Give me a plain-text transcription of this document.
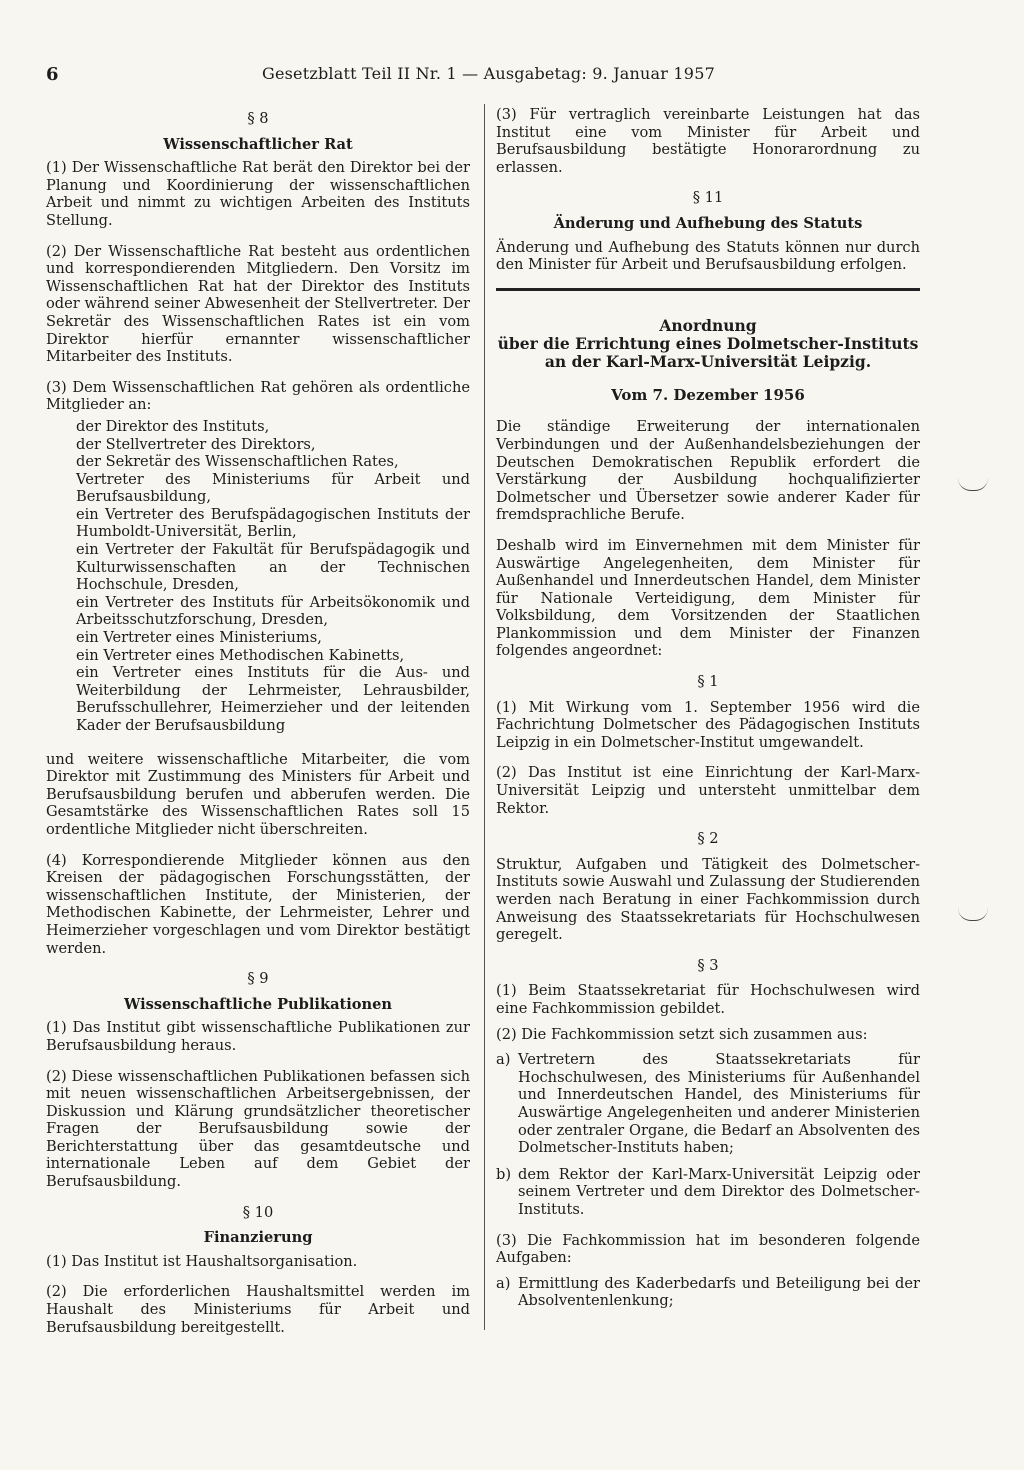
6	Gesetzblatt Teil II Nr. 1 — Ausgabetag: 9. Januar 1957
§ 8
Wissenschaftlicher Rat

(1) Der Wissenschaftliche Rat berät den Direktor bei der Planung und Koordinierung der wissenschaftlichen Arbeit und nimmt zu wichtigen Arbeiten des Instituts Stellung.

(2) Der Wissenschaftliche Rat besteht aus ordentlichen und korrespondierenden Mitgliedern. Den Vorsitz im Wissenschaftlichen Rat hat der Direktor des Instituts oder während seiner Abwesenheit der Stellvertreter. Der Sekretär des Wissenschaftlichen Rates ist ein vom Direktor hierfür ernannter wissenschaftlicher Mitarbeiter des Instituts.

(3) Dem Wissenschaftlichen Rat gehören als ordentliche Mitglieder an:

der Direktor des Instituts,
der Stellvertreter des Direktors,
der Sekretär des Wissenschaftlichen Rates,
Vertreter des Ministeriums für Arbeit und Berufsausbildung,
ein Vertreter des Berufspädagogischen Instituts der Humboldt-Universität, Berlin,
ein Vertreter der Fakultät für Berufspädagogik und Kulturwissenschaften an der Technischen Hochschule, Dresden,
ein Vertreter des Instituts für Arbeitsökonomik und Arbeitsschutzforschung, Dresden,
ein Vertreter eines Ministeriums,
ein Vertreter eines Methodischen Kabinetts,
ein Vertreter eines Instituts für die Aus- und Weiterbildung der Lehrmeister, Lehrausbilder, Berufsschullehrer, Heimerzieher und der leitenden Kader der Berufsausbildung

und weitere wissenschaftliche Mitarbeiter, die vom Direktor mit Zustimmung des Ministers für Arbeit und Berufsausbildung berufen und abberufen werden. Die Gesamtstärke des Wissenschaftlichen Rates soll 15 ordentliche Mitglieder nicht überschreiten.

(4) Korrespondierende Mitglieder können aus den Kreisen der pädagogischen Forschungsstätten, der wissenschaftlichen Institute, der Ministerien, der Methodischen Kabinette, der Lehrmeister, Lehrer und Heimerzieher vorgeschlagen und vom Direktor bestätigt werden.

§ 9
Wissenschaftliche Publikationen

(1) Das Institut gibt wissenschaftliche Publikationen zur Berufsausbildung heraus.

(2) Diese wissenschaftlichen Publikationen befassen sich mit neuen wissenschaftlichen Arbeitsergebnissen, der Diskussion und Klärung grundsätzlicher theoretischer Fragen der Berufsausbildung sowie der Berichterstattung über das gesamtdeutsche und internationale Leben auf dem Gebiet der Berufsausbildung.

§ 10
Finanzierung

(1) Das Institut ist Haushaltsorganisation.

(2) Die erforderlichen Haushaltsmittel werden im Haushalt des Ministeriums für Arbeit und Berufsausbildung bereitgestellt.

(3) Für vertraglich vereinbarte Leistungen hat das Institut eine vom Minister für Arbeit und Berufsausbildung bestätigte Honorarordnung zu erlassen.

§ 11
Änderung und Aufhebung des Statuts

Änderung und Aufhebung des Statuts können nur durch den Minister für Arbeit und Berufsausbildung erfolgen.

Anordnung
über die Errichtung eines Dolmetscher-Instituts
an der Karl-Marx-Universität Leipzig.
Vom 7. Dezember 1956

Die ständige Erweiterung der internationalen Verbindungen und der Außenhandelsbeziehungen der Deutschen Demokratischen Republik erfordert die Verstärkung der Ausbildung hochqualifizierter Dolmetscher und Übersetzer sowie anderer Kader für fremdsprachliche Berufe.

Deshalb wird im Einvernehmen mit dem Minister für Auswärtige Angelegenheiten, dem Minister für Außenhandel und Innerdeutschen Handel, dem Minister für Nationale Verteidigung, dem Minister für Volksbildung, dem Vorsitzenden der Staatlichen Plankommission und dem Minister der Finanzen folgendes angeordnet:

§ 1

(1) Mit Wirkung vom 1. September 1956 wird die Fachrichtung Dolmetscher des Pädagogischen Instituts Leipzig in ein Dolmetscher-Institut umgewandelt.

(2) Das Institut ist eine Einrichtung der Karl-Marx-Universität Leipzig und untersteht unmittelbar dem Rektor.

§ 2

Struktur, Aufgaben und Tätigkeit des Dolmetscher-Instituts sowie Auswahl und Zulassung der Studierenden werden nach Beratung in einer Fachkommission durch Anweisung des Staatssekretariats für Hochschulwesen geregelt.

§ 3

(1) Beim Staatssekretariat für Hochschulwesen wird eine Fachkommission gebildet.

(2) Die Fachkommission setzt sich zusammen aus:

a) Vertretern des Staatssekretariats für Hochschulwesen, des Ministeriums für Außenhandel und Innerdeutschen Handel, des Ministeriums für Auswärtige Angelegenheiten und anderer Ministerien oder zentraler Organe, die Bedarf an Absolventen des Dolmetscher-Instituts haben;
b) dem Rektor der Karl-Marx-Universität Leipzig oder seinem Vertreter und dem Direktor des Dolmetscher-Instituts.

(3) Die Fachkommission hat im besonderen folgende Aufgaben:

a) Ermittlung des Kaderbedarfs und Beteiligung bei der Absolventenlenkung;
